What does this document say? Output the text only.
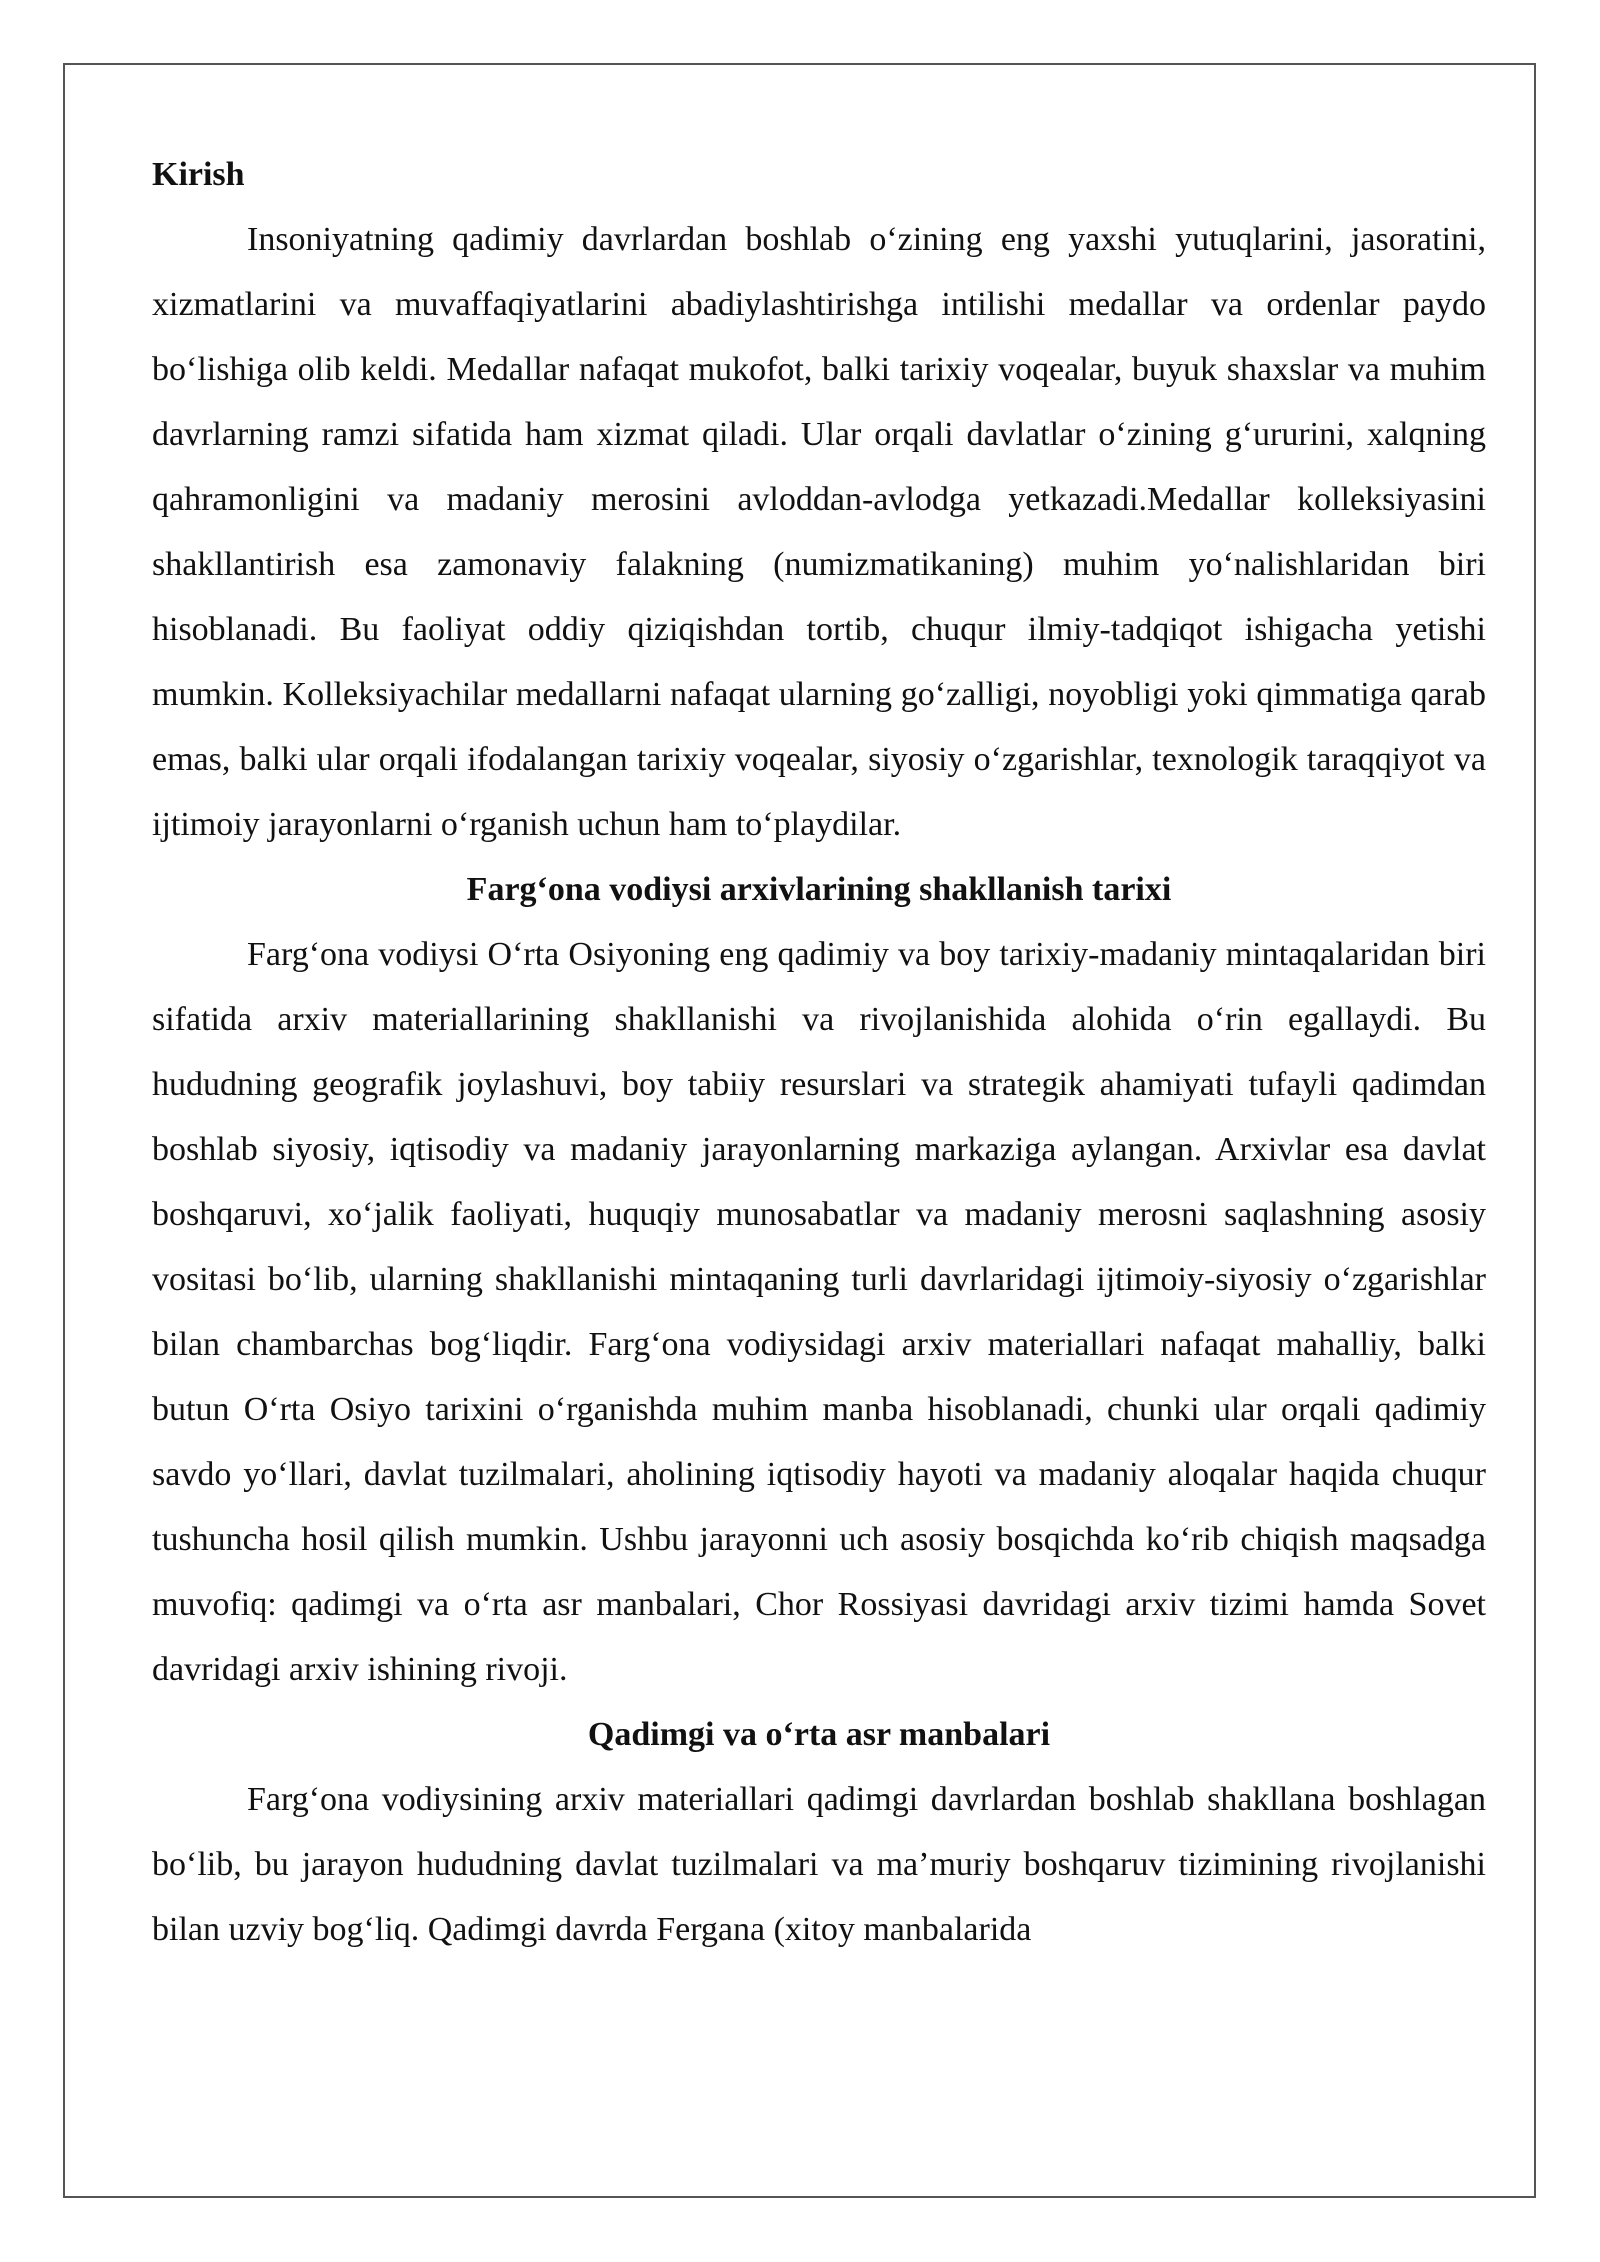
Kirish

Insoniyatning qadimiy davrlardan boshlab o‘zining eng yaxshi yutuqlarini, jasoratini, xizmatlarini va muvaffaqiyatlarini abadiylashtirishga intilishi medallar va ordenlar paydo bo‘lishiga olib keldi. Medallar nafaqat mukofot, balki tarixiy voqealar, buyuk shaxslar va muhim davrlarning ramzi sifatida ham xizmat qiladi. Ular orqali davlatlar o‘zining g‘ururini, xalqning qahramonligini va madaniy merosini avloddan-avlodga yetkazadi.Medallar kolleksiyasini shakllantirish esa zamonaviy falakning (numizmatikaning) muhim yo‘nalishlaridan biri hisoblanadi. Bu faoliyat oddiy qiziqishdan tortib, chuqur ilmiy-tadqiqot ishigacha yetishi mumkin. Kolleksiyachilar medallarni nafaqat ularning go‘zalligi, noyobligi yoki qimmatiga qarab emas, balki ular orqali ifodalangan tarixiy voqealar, siyosiy o‘zgarishlar, texnologik taraqqiyot va ijtimoiy jarayonlarni o‘rganish uchun ham to‘playdilar.

Farg‘ona vodiysi arxivlarining shakllanish tarixi

Farg‘ona vodiysi O‘rta Osiyoning eng qadimiy va boy tarixiy-madaniy mintaqalaridan biri sifatida arxiv materiallarining shakllanishi va rivojlanishida alohida o‘rin egallaydi. Bu hududning geografik joylashuvi, boy tabiiy resurslari va strategik ahamiyati tufayli qadimdan boshlab siyosiy, iqtisodiy va madaniy jarayonlarning markaziga aylangan. Arxivlar esa davlat boshqaruvi, xo‘jalik faoliyati, huquqiy munosabatlar va madaniy merosni saqlashning asosiy vositasi bo‘lib, ularning shakllanishi mintaqaning turli davrlaridagi ijtimoiy-siyosiy o‘zgarishlar bilan chambarchas bog‘liqdir. Farg‘ona vodiysidagi arxiv materiallari nafaqat mahalliy, balki butun O‘rta Osiyo tarixini o‘rganishda muhim manba hisoblanadi, chunki ular orqali qadimiy savdo yo‘llari, davlat tuzilmalari, aholining iqtisodiy hayoti va madaniy aloqalar haqida chuqur tushuncha hosil qilish mumkin. Ushbu jarayonni uch asosiy bosqichda ko‘rib chiqish maqsadga muvofiq: qadimgi va o‘rta asr manbalari, Chor Rossiyasi davridagi arxiv tizimi hamda Sovet davridagi arxiv ishining rivoji.

Qadimgi va o‘rta asr manbalari

Farg‘ona vodiysining arxiv materiallari qadimgi davrlardan boshlab shakllana boshlagan bo‘lib, bu jarayon hududning davlat tuzilmalari va ma’muriy boshqaruv tizimining rivojlanishi bilan uzviy bog‘liq. Qadimgi davrda Fergana (xitoy manbalarida
